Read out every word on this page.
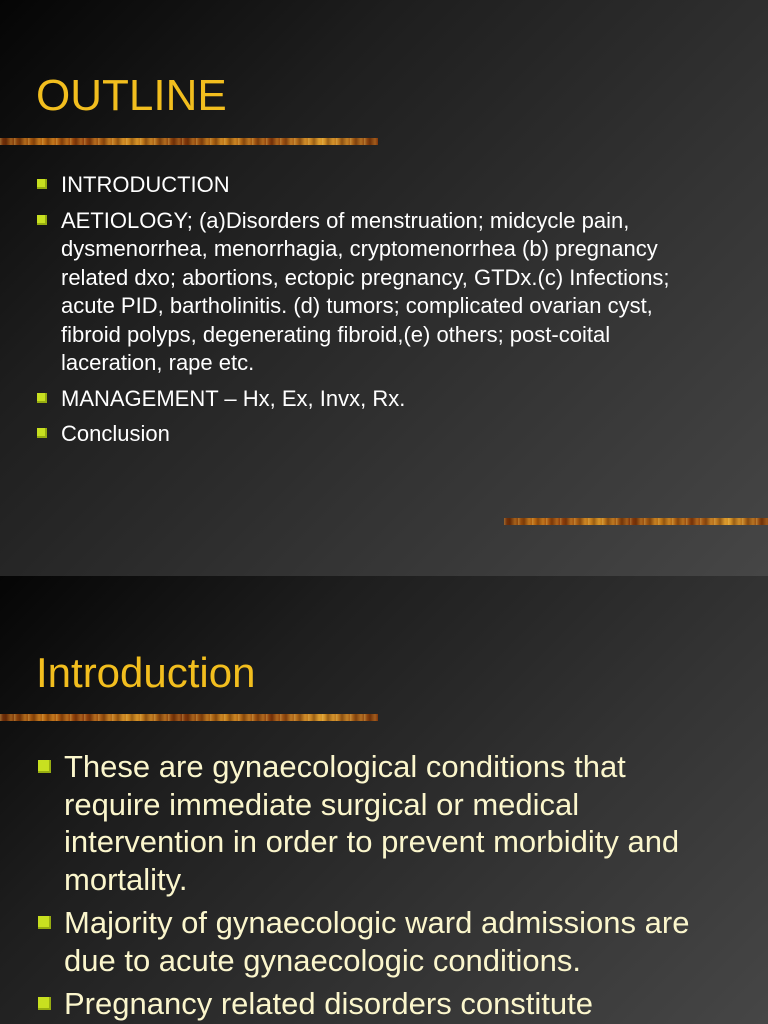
OUTLINE
INTRODUCTION
AETIOLOGY; (a)Disorders of menstruation; midcycle pain, dysmenorrhea, menorrhagia, cryptomenorrhea (b) pregnancy related dxo; abortions, ectopic pregnancy, GTDx.(c) Infections; acute PID, bartholinitis. (d) tumors; complicated ovarian cyst, fibroid polyps, degenerating fibroid,(e) others; post-coital laceration, rape etc.
MANAGEMENT – Hx, Ex, Invx, Rx.
Conclusion
Introduction
These are gynaecological conditions that require immediate surgical or medical intervention in order to prevent morbidity and mortality.
Majority of gynaecologic ward admissions are due to acute gynaecologic conditions.
Pregnancy related disorders constitute
